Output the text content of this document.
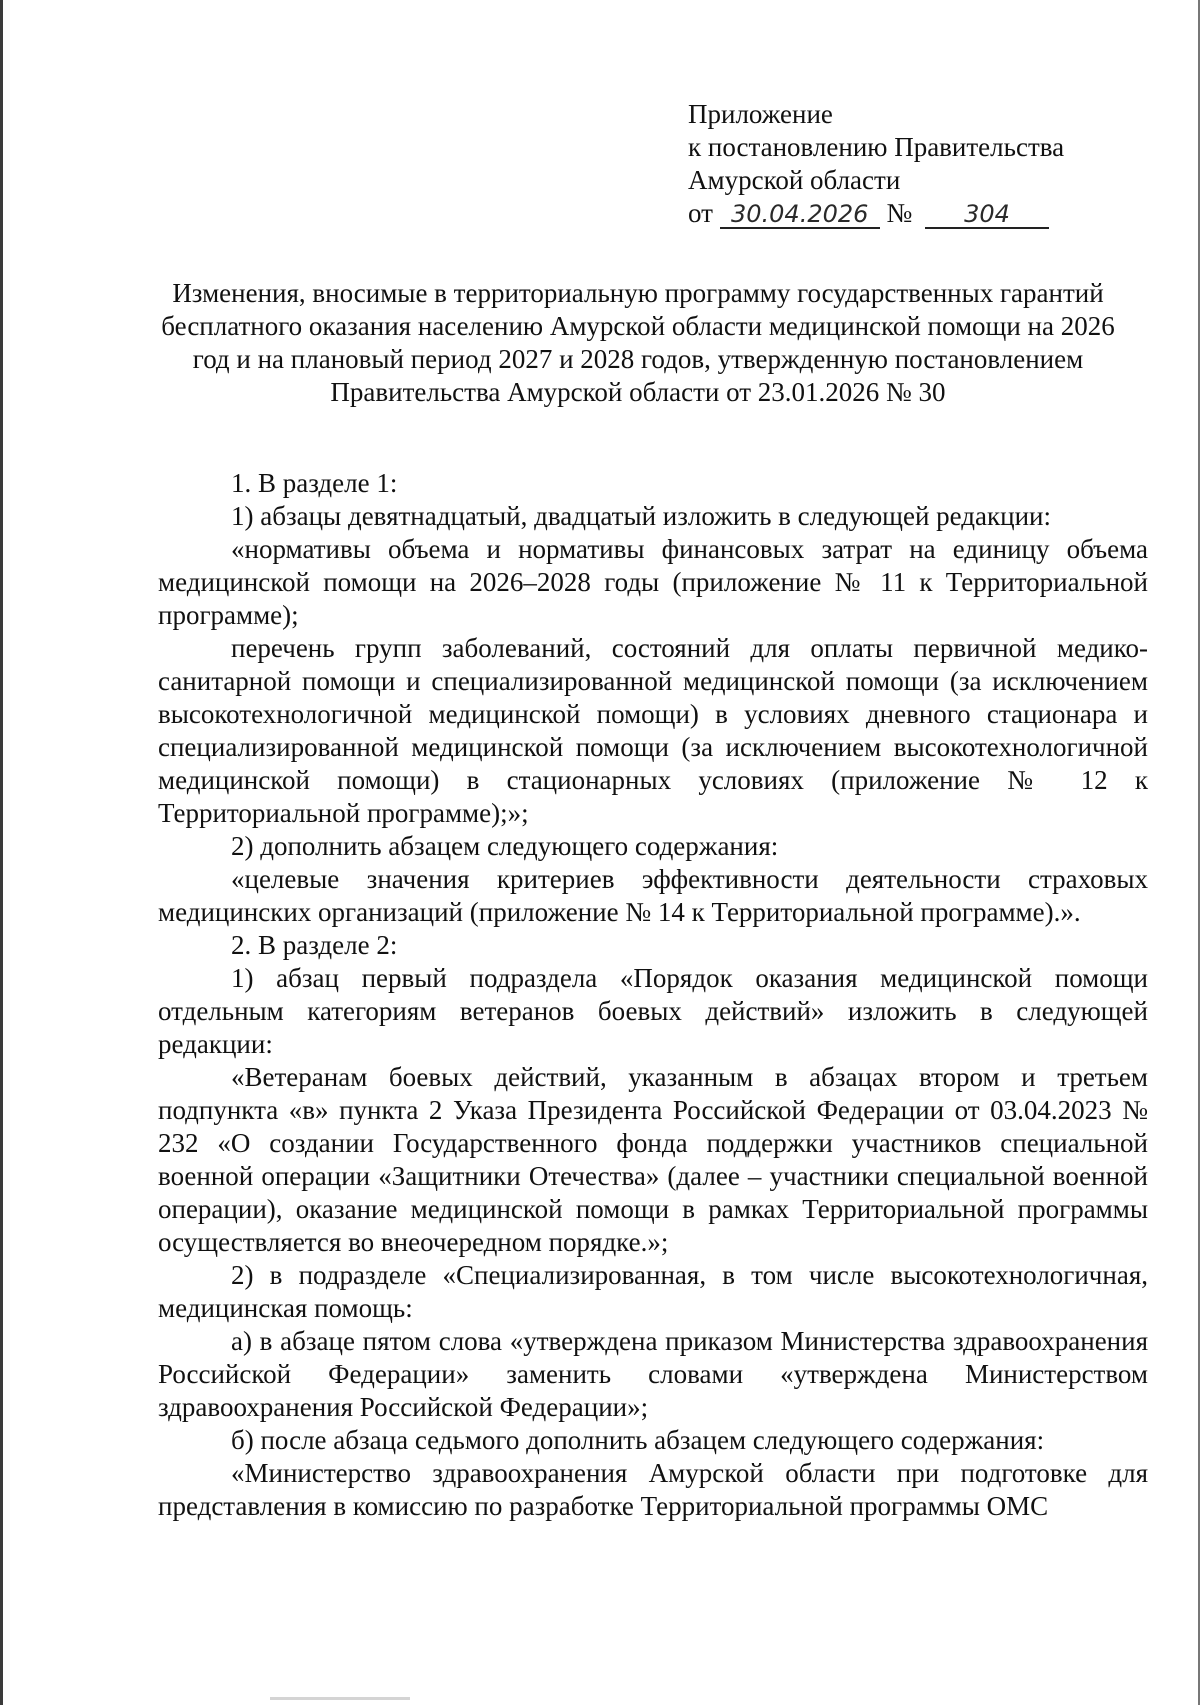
Приложение
к постановлению Правительства
Амурской области
от 30.04.2026 № 304
Изменения, вносимые в территориальную программу государственных гарантий бесплатного оказания населению Амурской области медицинской помощи на 2026 год и на плановый период 2027 и 2028 годов, утвержденную постановлением Правительства Амурской области от 23.01.2026 № 30

1. В разделе 1:

1) абзацы девятнадцатый, двадцатый изложить в следующей редакции:

«нормативы объема и нормативы финансовых затрат на единицу объема медицинской помощи на 2026–2028 годы (приложение № 11 к Территориальной программе);

перечень групп заболеваний, состояний для оплаты первичной медико-санитарной помощи и специализированной медицинской помощи (за исключением высокотехнологичной медицинской помощи) в условиях дневного стационара и специализированной медицинской помощи (за исключением высокотехнологичной медицинской помощи) в стационарных условиях (приложение № 12 к Территориальной программе);»;

2) дополнить абзацем следующего содержания:

«целевые значения критериев эффективности деятельности страховых медицинских организаций (приложение № 14 к Территориальной программе).».

2. В разделе 2:

1) абзац первый подраздела «Порядок оказания медицинской помощи отдельным категориям ветеранов боевых действий» изложить в следующей редакции:

«Ветеранам боевых действий, указанным в абзацах втором и третьем подпункта «в» пункта 2 Указа Президента Российской Федерации от 03.04.2023 № 232 «О создании Государственного фонда поддержки участников специальной военной операции «Защитники Отечества» (далее – участники специальной военной операции), оказание медицинской помощи в рамках Территориальной программы осуществляется во внеочередном порядке.»;

2) в подразделе «Специализированная, в том числе высокотехнологичная, медицинская помощь:

а) в абзаце пятом слова «утверждена приказом Министерства здравоохранения Российской Федерации» заменить словами «утверждена Министерством здравоохранения Российской Федерации»;

б) после абзаца седьмого дополнить абзацем следующего содержания:

«Министерство здравоохранения Амурской области при подготовке для представления в комиссию по разработке Территориальной программы ОМС
